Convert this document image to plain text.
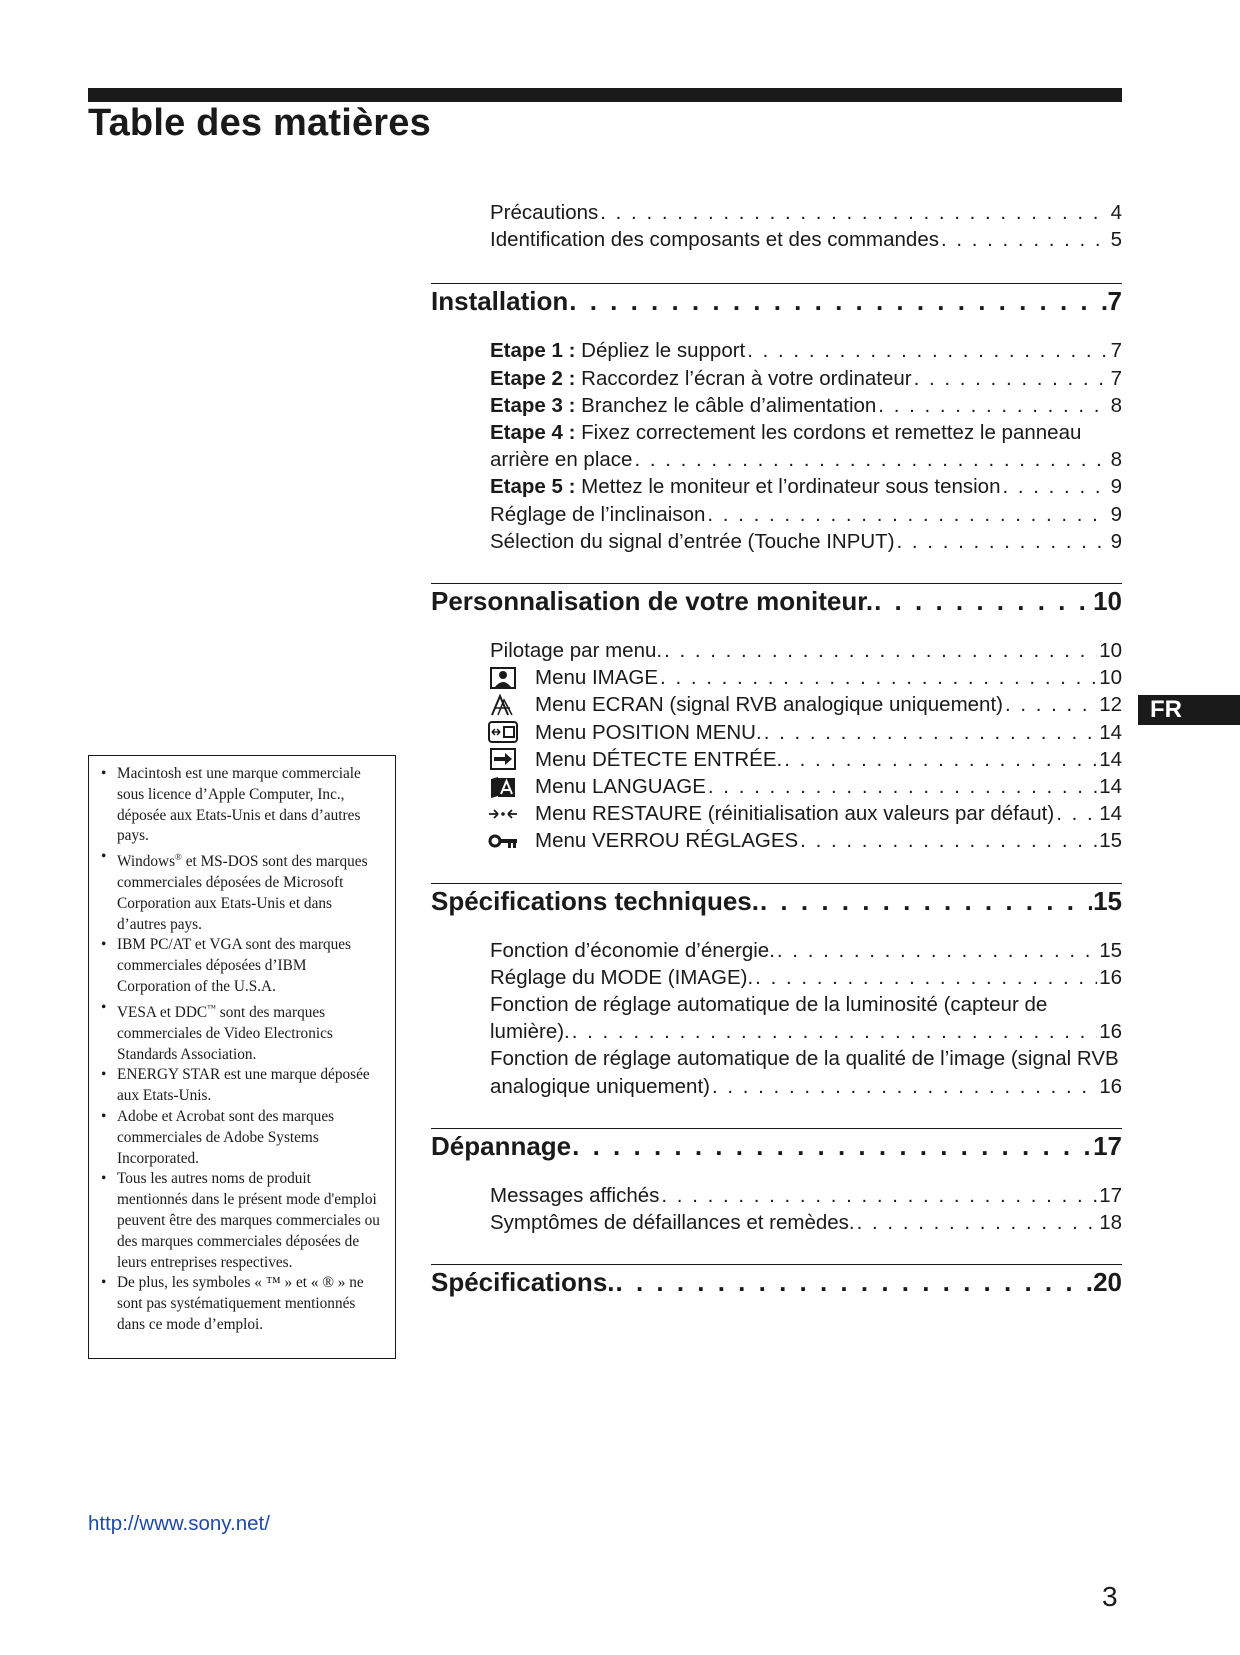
Table des matières
Précautions . . .	4
Identification des composants et des commandes . . .	5
Installation . . .	7
Etape 1 : Dépliez le support . . .	7
Etape 2 : Raccordez l’écran à votre ordinateur . . .	7
Etape 3 : Branchez le câble d’alimentation . . .	8
Etape 4 : Fixez correctement les cordons et remettez le panneau
arrière en place . . .	8
Etape 5 : Mettez le moniteur et l’ordinateur sous tension . . .	9
Réglage de l’inclinaison . . .	9
Sélection du signal d’entrée (Touche INPUT) . . .	9
Personnalisation de votre moniteur. . . .	10
Pilotage par menu. . . .	10
Menu IMAGE . . .	10
Menu ECRAN (signal RVB analogique uniquement) . . .	12
Menu POSITION MENU. . . .	14
Menu DÉTECTE ENTRÉE. . . .	14
Menu LANGUAGE . . .	14
Menu RESTAURE (réinitialisation aux valeurs par défaut) . . . 14
Menu VERROU RÉGLAGES . . .	15
Spécifications techniques. . . .	15
Fonction d’économie d’énergie. . . .	15
Réglage du MODE (IMAGE). . . .	16
Fonction de réglage automatique de la luminosité (capteur de
lumière). . . .	16
Fonction de réglage automatique de la qualité de l’image (signal RVB
analogique uniquement) . . .	16
Dépannage . . .	17
Messages affichés . . .	17
Symptômes de défaillances et remèdes. . . .	18
Spécifications. . . .	20
FR
• Macintosh est une marque commerciale sous licence d’Apple Computer, Inc., déposée aux Etats-Unis et dans d’autres pays.
• Windows® et MS-DOS sont des marques commerciales déposées de Microsoft Corporation aux Etats-Unis et dans d’autres pays.
• IBM PC/AT et VGA sont des marques commerciales déposées d’IBM Corporation of the U.S.A.
• VESA et DDC™ sont des marques commerciales de Video Electronics Standards Association.
• ENERGY STAR est une marque déposée aux Etats-Unis.
• Adobe et Acrobat sont des marques commerciales de Adobe Systems Incorporated.
• Tous les autres noms de produit mentionnés dans le présent mode d'emploi peuvent être des marques commerciales ou des marques commerciales déposées de leurs entreprises respectives.
• De plus, les symboles « ™ » et « ® » ne sont pas systématiquement mentionnés dans ce mode d’emploi.
http://www.sony.net/
3
